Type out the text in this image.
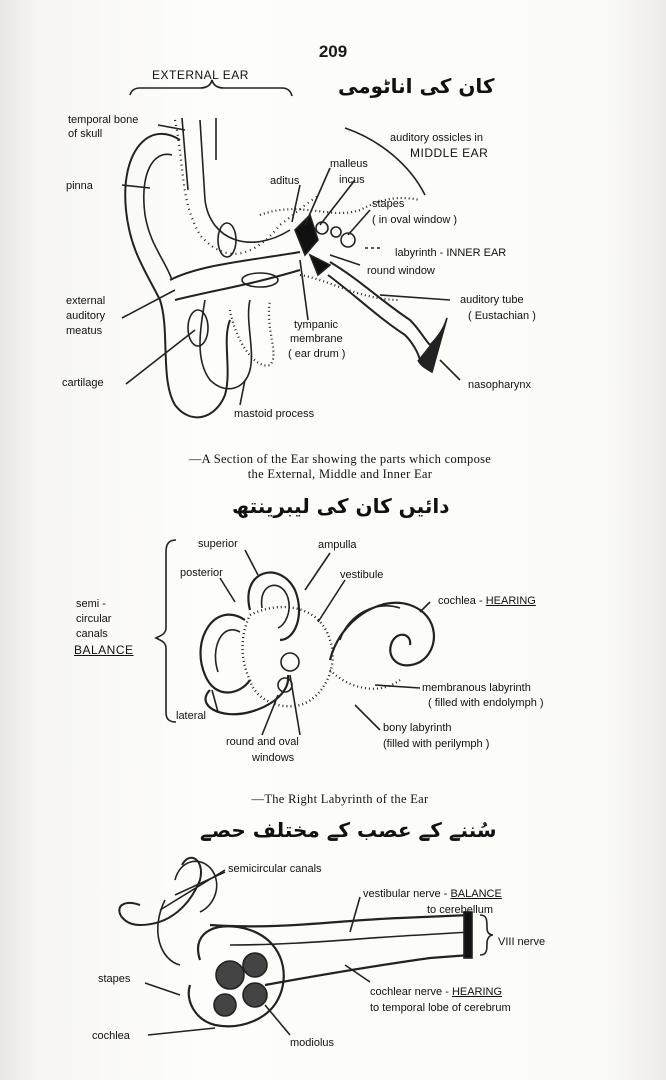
209
کان کی اناٹومی
EXTERNAL EAR
temporal bone
of skull	auditory ossicles in
MIDDLE EAR
malleus
aditus	incus
pinna
stapes
( in oval window )
labyrinth - INNER EAR
round window
external
auditory
meatus
auditory tube
( Eustachian )
tympanic
membrane
( ear drum )
cartilage	nasopharynx
mastoid process
—A Section of the Ear showing the parts which compose
the External, Middle and Inner Ear
دائیں کان کی لیبرینتھ
superior	ampulla
posterior	vestibule
semi -
circular
canals
BALANCE
cochlea - HEARING
membranous labyrinth
( filled with endolymph )
lateral
bony labyrinth
(filled with perilymph )
round and oval
windows
—The Right Labyrinth of the Ear
سُننے کے عصب کے مختلف حصے
semicircular canals
vestibular nerve - BALANCE
to cerebellum
VIII nerve
stapes
cochlear nerve - HEARING
to temporal lobe of cerebrum
cochlea
modiolus
